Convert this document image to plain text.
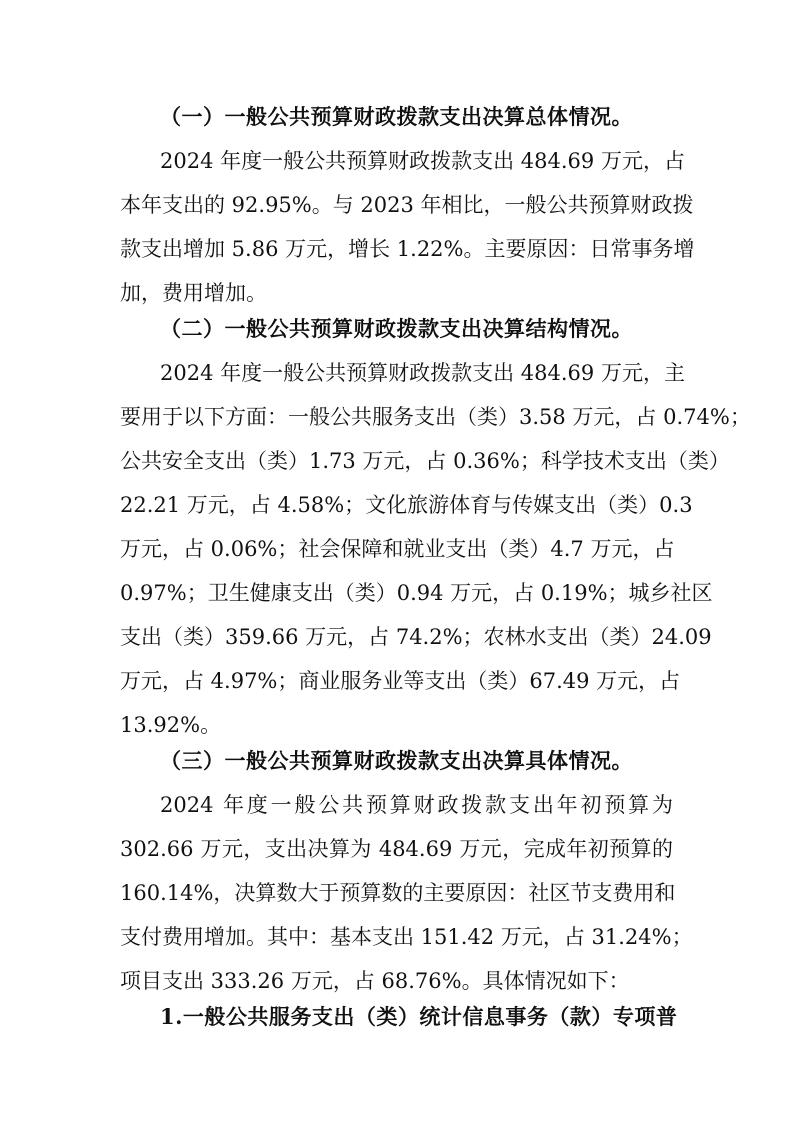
（一）一般公共预算财政拨款支出决算总体情况。
2024 年度一般公共预算财政拨款支出 484.69 万元，占
本年支出的 92.95%。与 2023 年相比，一般公共预算财政拨
款支出增加 5.86 万元，增长 1.22%。主要原因：日常事务增
加，费用增加。
（二）一般公共预算财政拨款支出决算结构情况。
2024 年度一般公共预算财政拨款支出 484.69 万元，主
要用于以下方面：一般公共服务支出（类）3.58 万元，占 0.74%；
公共安全支出（类）1.73 万元，占 0.36%；科学技术支出（类）
22.21 万元，占 4.58%；文化旅游体育与传媒支出（类）0.3
万元，占 0.06%；社会保障和就业支出（类）4.7 万元，占
0.97%；卫生健康支出（类）0.94 万元，占 0.19%；城乡社区
支出（类）359.66 万元，占 74.2%；农林水支出（类）24.09
万元，占 4.97%；商业服务业等支出（类）67.49 万元，占
13.92%。
（三）一般公共预算财政拨款支出决算具体情况。
2024 年度一般公共预算财政拨款支出年初预算为
302.66 万元，支出决算为 484.69 万元，完成年初预算的
160.14%，决算数大于预算数的主要原因：社区节支费用和
支付费用增加。其中：基本支出 151.42 万元，占 31.24%；
项目支出 333.26 万元，占 68.76%。具体情况如下：
1.一般公共服务支出（类）统计信息事务（款）专项普
